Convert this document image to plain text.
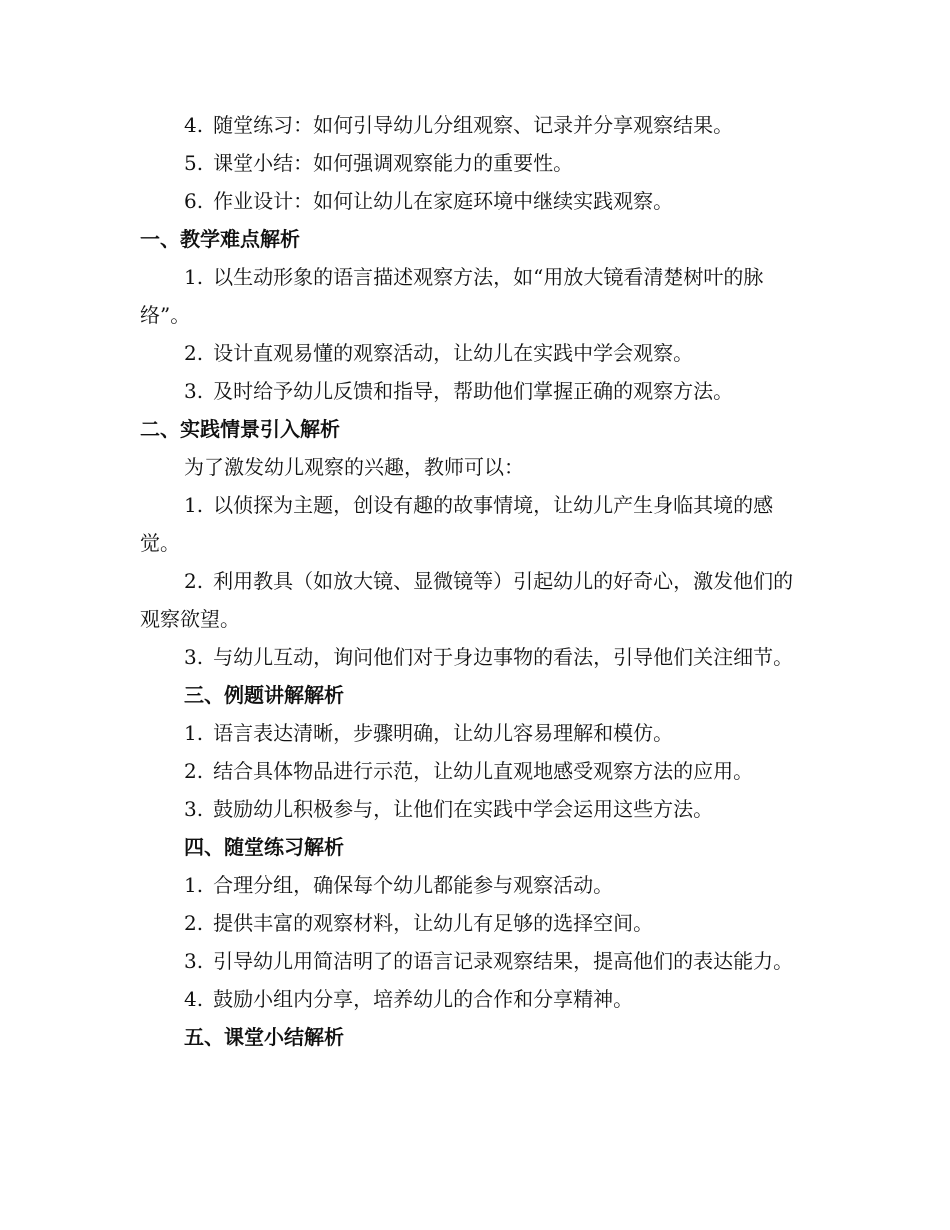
4. 随堂练习：如何引导幼儿分组观察、记录并分享观察结果。

5. 课堂小结：如何强调观察能力的重要性。

6. 作业设计：如何让幼儿在家庭环境中继续实践观察。

一、教学难点解析

1. 以生动形象的语言描述观察方法，如“用放大镜看清楚树叶的脉络”。

2. 设计直观易懂的观察活动，让幼儿在实践中学会观察。

3. 及时给予幼儿反馈和指导，帮助他们掌握正确的观察方法。

二、实践情景引入解析

为了激发幼儿观察的兴趣，教师可以：

1. 以侦探为主题，创设有趣的故事情境，让幼儿产生身临其境的感觉。

2. 利用教具（如放大镜、显微镜等）引起幼儿的好奇心，激发他们的观察欲望。

3. 与幼儿互动，询问他们对于身边事物的看法，引导他们关注细节。

三、例题讲解解析

1. 语言表达清晰，步骤明确，让幼儿容易理解和模仿。

2. 结合具体物品进行示范，让幼儿直观地感受观察方法的应用。

3. 鼓励幼儿积极参与，让他们在实践中学会运用这些方法。

四、随堂练习解析

1. 合理分组，确保每个幼儿都能参与观察活动。

2. 提供丰富的观察材料，让幼儿有足够的选择空间。

3. 引导幼儿用简洁明了的语言记录观察结果，提高他们的表达能力。

4. 鼓励小组内分享，培养幼儿的合作和分享精神。

五、课堂小结解析
